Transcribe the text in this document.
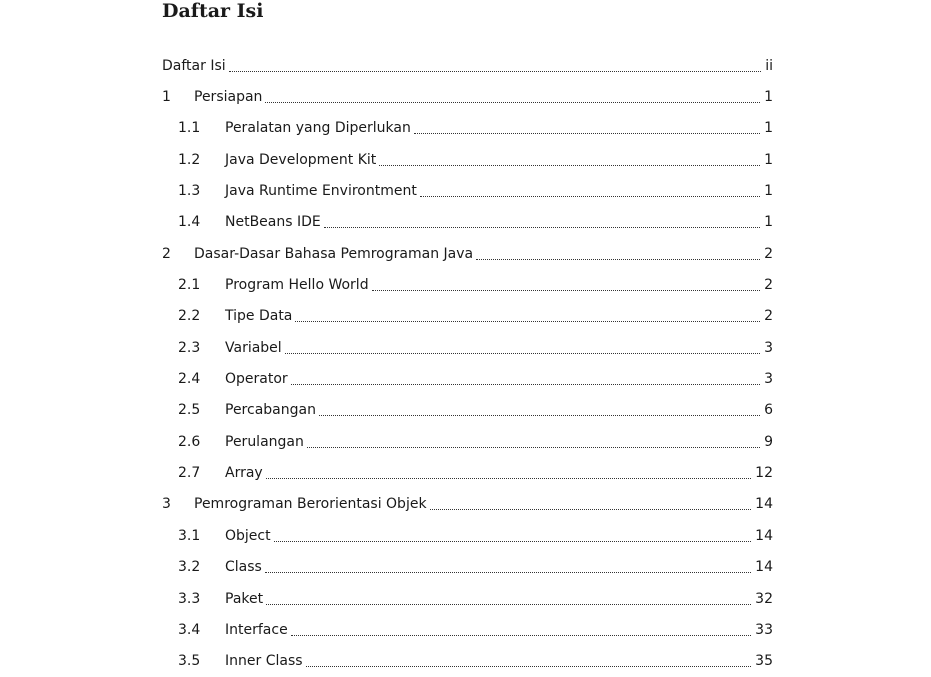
Daftar Isi
Daftar Isi	ii
1	Persiapan	1
1.1	Peralatan yang Diperlukan	1
1.2	Java Development Kit	1
1.3	Java Runtime Environtment	1
1.4	NetBeans IDE	1
2	Dasar-Dasar Bahasa Pemrograman Java	2
2.1	Program Hello World	2
2.2	Tipe Data	2
2.3	Variabel	3
2.4	Operator	3
2.5	Percabangan	6
2.6	Perulangan	9
2.7	Array	12
3	Pemrograman Berorientasi Objek	14
3.1	Object	14
3.2	Class	14
3.3	Paket	32
3.4	Interface	33
3.5	Inner Class	35
